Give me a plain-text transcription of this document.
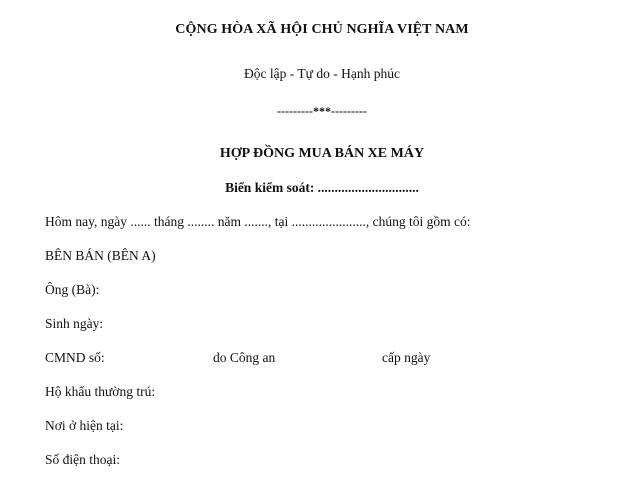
CỘNG HÒA XÃ HỘI CHỦ NGHĨA VIỆT NAM
Độc lập - Tự do - Hạnh phúc
---------***---------
HỢP ĐỒNG MUA BÁN XE MÁY
Biển kiểm soát: ..............................
Hôm nay, ngày ...... tháng ........ năm ......., tại ......................, chúng tôi gồm có:
BÊN BÁN (BÊN A)
Ông (Bà):
Sinh ngày:
CMND số:	do Công an	cấp ngày
Hộ khẩu thường trú:
Nơi ở hiện tại:
Số điện thoại:
